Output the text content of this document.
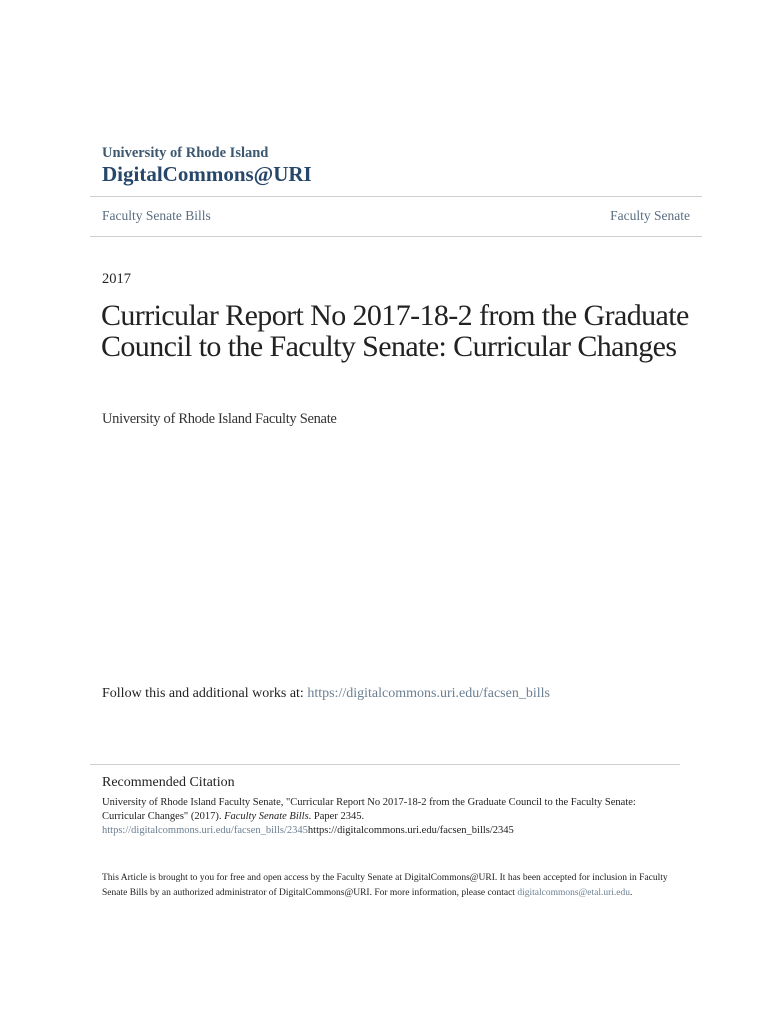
University of Rhode Island
DigitalCommons@URI
Faculty Senate Bills	Faculty Senate
2017
Curricular Report No 2017-18-2 from the Graduate Council to the Faculty Senate: Curricular Changes
University of Rhode Island Faculty Senate
Follow this and additional works at: https://digitalcommons.uri.edu/facsen_bills
Recommended Citation
University of Rhode Island Faculty Senate, "Curricular Report No 2017-18-2 from the Graduate Council to the Faculty Senate: Curricular Changes" (2017). Faculty Senate Bills. Paper 2345.
https://digitalcommons.uri.edu/facsen_bills/2345https://digitalcommons.uri.edu/facsen_bills/2345
This Article is brought to you for free and open access by the Faculty Senate at DigitalCommons@URI. It has been accepted for inclusion in Faculty Senate Bills by an authorized administrator of DigitalCommons@URI. For more information, please contact digitalcommons@etal.uri.edu.
